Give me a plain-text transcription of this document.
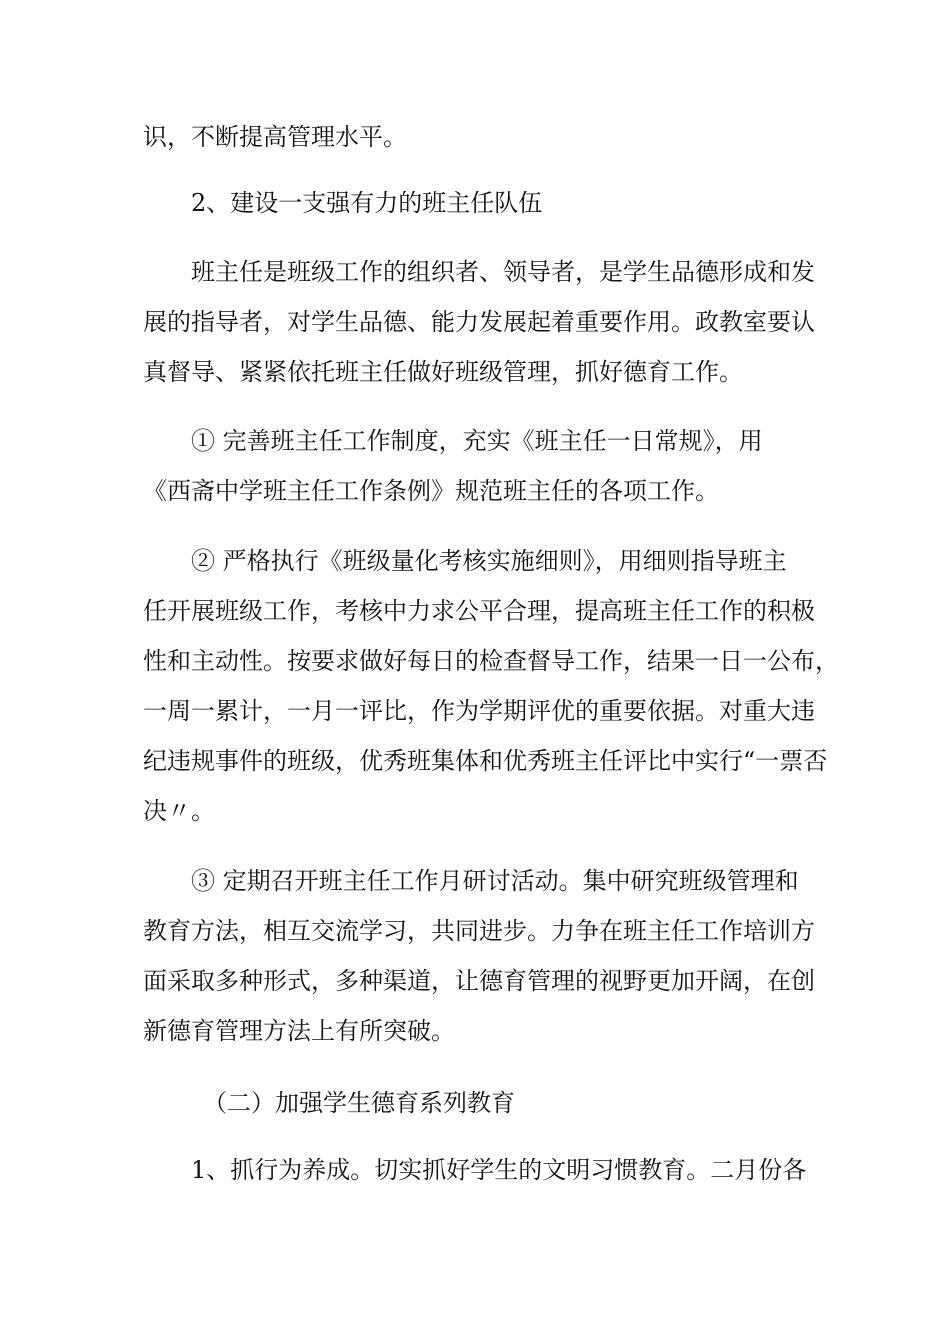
识，不断提高管理水平。

2、建设一支强有力的班主任队伍

班主任是班级工作的组织者、领导者，是学生品德形成和发

展的指导者，对学生品德、能力发展起着重要作用。政教室要认

真督导、紧紧依托班主任做好班级管理，抓好德育工作。

① 完善班主任工作制度，充实《班主任一日常规》，用

《西斋中学班主任工作条例》规范班主任的各项工作。

② 严格执行《班级量化考核实施细则》，用细则指导班主

任开展班级工作，考核中力求公平合理，提高班主任工作的积极

性和主动性。按要求做好每日的检查督导工作，结果一日一公布，

一周一累计，一月一评比，作为学期评优的重要依据。对重大违

纪违规事件的班级，优秀班集体和优秀班主任评比中实行“一票否

决〃。

③ 定期召开班主任工作月研讨活动。集中研究班级管理和

教育方法，相互交流学习，共同进步。力争在班主任工作培训方

面采取多种形式，多种渠道，让德育管理的视野更加开阔，在创

新德育管理方法上有所突破。

（二）加强学生德育系列教育

1、抓行为养成。切实抓好学生的文明习惯教育。二月份各
